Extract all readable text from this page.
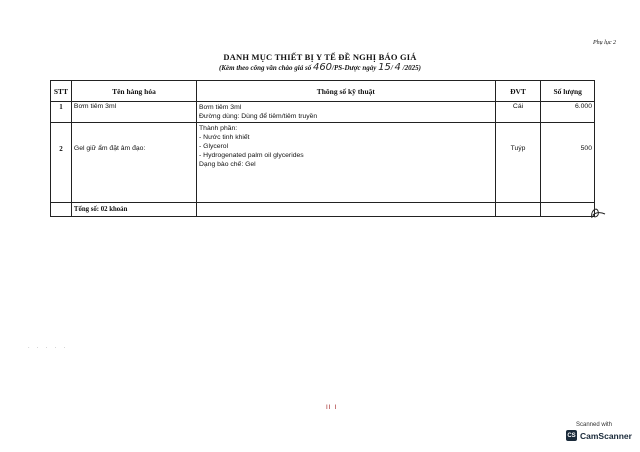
Phụ lục 2
DANH MỤC THIẾT BỊ Y TẾ ĐỀ NGHỊ BÁO GIÁ
(Kèm theo công văn chào giá số 460/PS-Dược ngày 15/ 4 /2025)
STT	Tên hàng hóa	Thông số kỹ thuật	ĐVT	Số lượng
1	Bơm tiêm 3ml	Bơm tiêm 3ml
Đường dùng: Dùng để tiêm/tiêm truyền	Cái	6.000
2	Gel giữ ẩm đặt âm đạo:	Thành phần:
- Nước tinh khiết
- Glycerol
- Hydrogenated palm oil glycerides
Dạng bào chế: Gel	Tuýp	500
	Tổng số: 02 khoản			
· · · · ·
II I
Scanned with
CS CamScanner
